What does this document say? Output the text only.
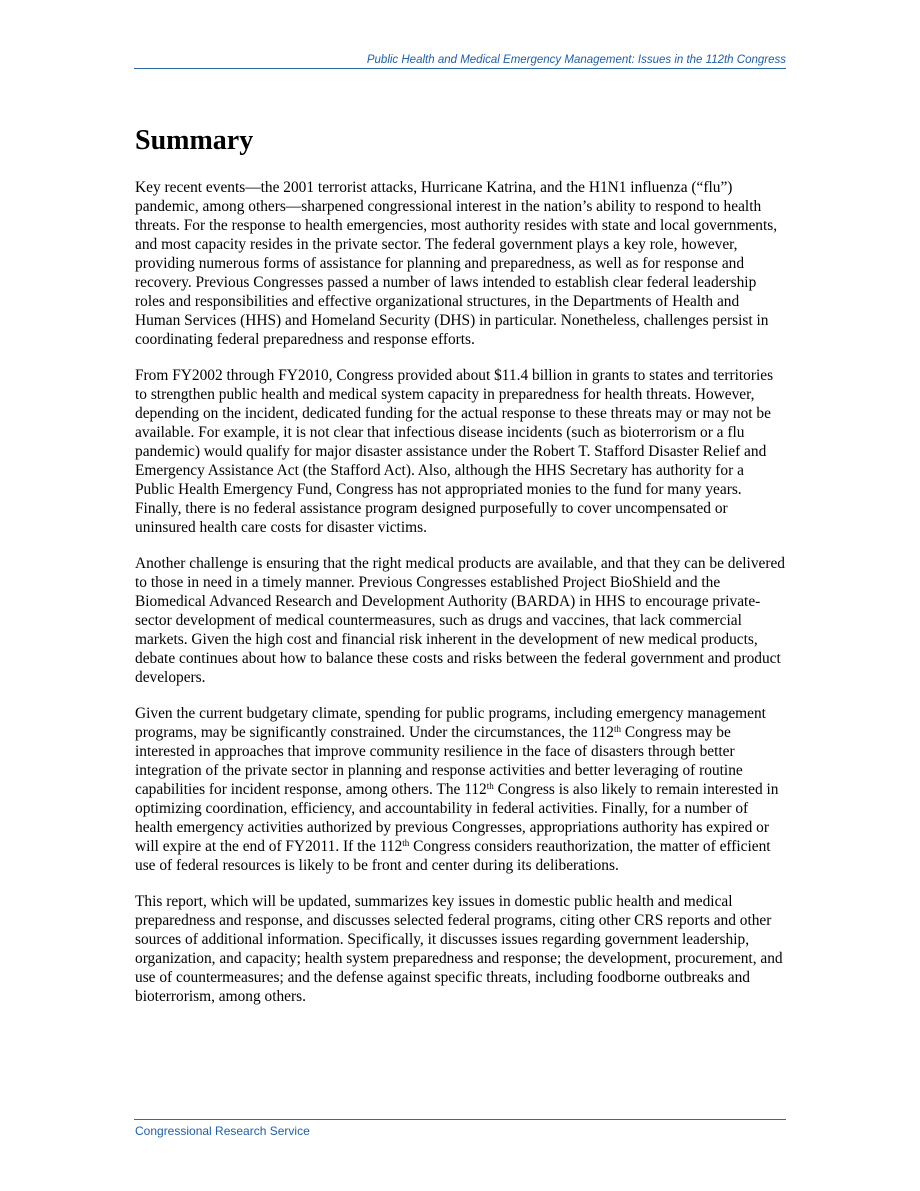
Public Health and Medical Emergency Management: Issues in the 112th Congress
Summary

Key recent events—the 2001 terrorist attacks, Hurricane Katrina, and the H1N1 influenza (“flu”) pandemic, among others—sharpened congressional interest in the nation’s ability to respond to health threats. For the response to health emergencies, most authority resides with state and local governments, and most capacity resides in the private sector. The federal government plays a key role, however, providing numerous forms of assistance for planning and preparedness, as well as for response and recovery. Previous Congresses passed a number of laws intended to establish clear federal leadership roles and responsibilities and effective organizational structures, in the Departments of Health and Human Services (HHS) and Homeland Security (DHS) in particular. Nonetheless, challenges persist in coordinating federal preparedness and response efforts.

From FY2002 through FY2010, Congress provided about $11.4 billion in grants to states and territories to strengthen public health and medical system capacity in preparedness for health threats. However, depending on the incident, dedicated funding for the actual response to these threats may or may not be available. For example, it is not clear that infectious disease incidents (such as bioterrorism or a flu pandemic) would qualify for major disaster assistance under the Robert T. Stafford Disaster Relief and Emergency Assistance Act (the Stafford Act). Also, although the HHS Secretary has authority for a Public Health Emergency Fund, Congress has not appropriated monies to the fund for many years. Finally, there is no federal assistance program designed purposefully to cover uncompensated or uninsured health care costs for disaster victims.

Another challenge is ensuring that the right medical products are available, and that they can be delivered to those in need in a timely manner. Previous Congresses established Project BioShield and the Biomedical Advanced Research and Development Authority (BARDA) in HHS to encourage private-sector development of medical countermeasures, such as drugs and vaccines, that lack commercial markets. Given the high cost and financial risk inherent in the development of new medical products, debate continues about how to balance these costs and risks between the federal government and product developers.

Given the current budgetary climate, spending for public programs, including emergency management programs, may be significantly constrained. Under the circumstances, the 112th Congress may be interested in approaches that improve community resilience in the face of disasters through better integration of the private sector in planning and response activities and better leveraging of routine capabilities for incident response, among others. The 112th Congress is also likely to remain interested in optimizing coordination, efficiency, and accountability in federal activities. Finally, for a number of health emergency activities authorized by previous Congresses, appropriations authority has expired or will expire at the end of FY2011. If the 112th Congress considers reauthorization, the matter of efficient use of federal resources is likely to be front and center during its deliberations.

This report, which will be updated, summarizes key issues in domestic public health and medical preparedness and response, and discusses selected federal programs, citing other CRS reports and other sources of additional information. Specifically, it discusses issues regarding government leadership, organization, and capacity; health system preparedness and response; the development, procurement, and use of countermeasures; and the defense against specific threats, including foodborne outbreaks and bioterrorism, among others.

Congressional Research Service
